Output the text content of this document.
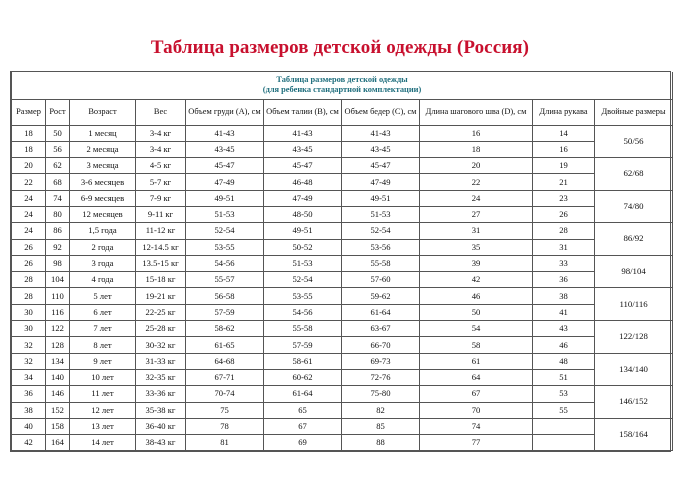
Таблица размеров детской одежды (Россия)
Таблица размеров детской одежды
(для ребенка стандартной комплектации)									

Размер	Рост	Возраст	Вес	Объем груди (А), см	Объем талии (В), см	Объем бедер (С), см	Длина шагового шва (D), см	Длина рукава	Двойные размеры
18	50	1 месяц	3-4 кг	41-43	41-43	41-43	16	14	50/56
18	56	2 месяца	3-4 кг	43-45	43-45	43-45	18	16	
20	62	3 месяца	4-5 кг	45-47	45-47	45-47	20	19	62/68
22	68	3-6 месяцев	5-7 кг	47-49	46-48	47-49	22	21	
24	74	6-9 месяцев	7-9 кг	49-51	47-49	49-51	24	23	74/80
24	80	12 месяцев	9-11 кг	51-53	48-50	51-53	27	26	
24	86	1,5 года	11-12 кг	52-54	49-51	52-54	31	28	86/92
26	92	2 года	12-14.5 кг	53-55	50-52	53-56	35	31	
26	98	3 года	13.5-15 кг	54-56	51-53	55-58	39	33	98/104
28	104	4 года	15-18 кг	55-57	52-54	57-60	42	36	
28	110	5 лет	19-21 кг	56-58	53-55	59-62	46	38	110/116
30	116	6 лет	22-25 кг	57-59	54-56	61-64	50	41	
30	122	7 лет	25-28 кг	58-62	55-58	63-67	54	43	122/128
32	128	8 лет	30-32 кг	61-65	57-59	66-70	58	46	
32	134	9 лет	31-33 кг	64-68	58-61	69-73	61	48	134/140
34	140	10 лет	32-35 кг	67-71	60-62	72-76	64	51	
36	146	11 лет	33-36 кг	70-74	61-64	75-80	67	53	146/152
38	152	12 лет	35-38 кг	75	65	82	70	55	
40	158	13 лет	36-40 кг	78	67	85	74		158/164
42	164	14 лет	38-43 кг	81	69	88	77		
